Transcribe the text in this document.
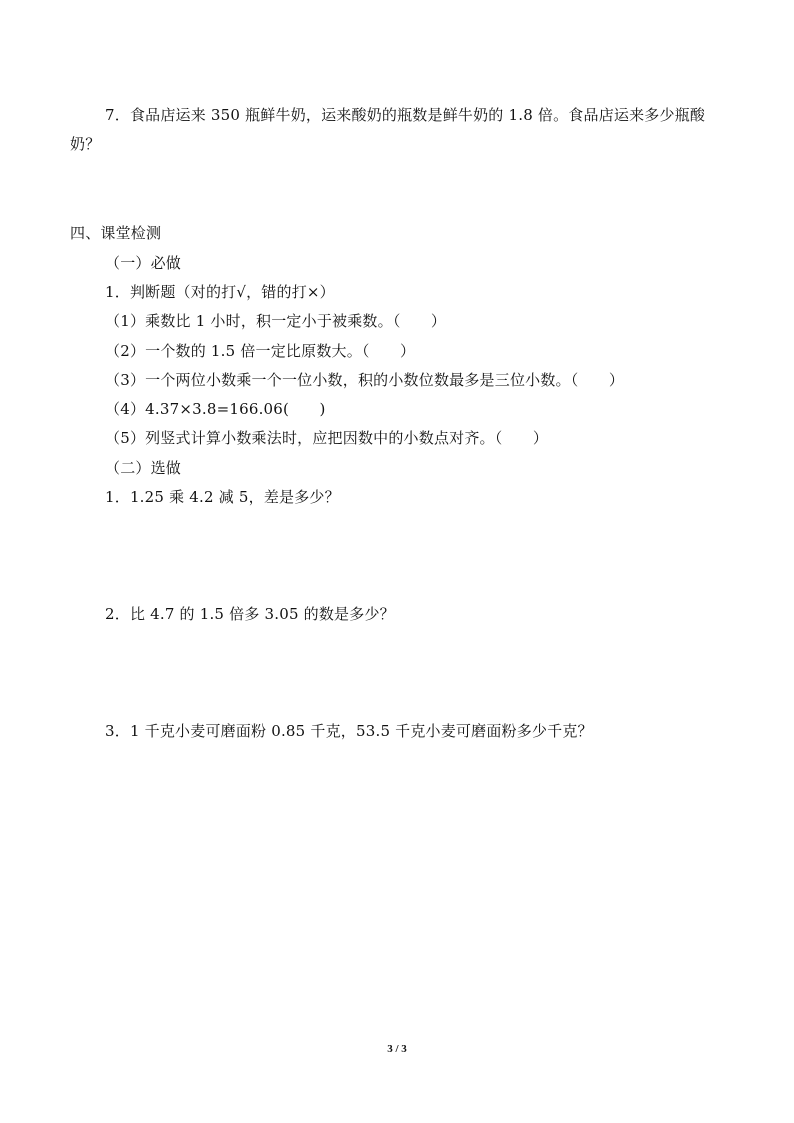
7．食品店运来 350 瓶鲜牛奶，运来酸奶的瓶数是鲜牛奶的 1.8 倍。食品店运来多少瓶酸
奶？
四、课堂检测
（一）必做
1．判断题（对的打√，错的打×）
（1）乘数比 1 小时，积一定小于被乘数。（　　）
（2）一个数的 1.5 倍一定比原数大。（　　）
（3）一个两位小数乘一个一位小数，积的小数位数最多是三位小数。（　　）
（4）4.37×3.8=166.06(　　)
（5）列竖式计算小数乘法时，应把因数中的小数点对齐。（　　）
（二）选做
1．1.25 乘 4.2 减 5，差是多少？
2．比 4.7 的 1.5 倍多 3.05 的数是多少？
3．1 千克小麦可磨面粉 0.85 千克，53.5 千克小麦可磨面粉多少千克？
3 / 3
